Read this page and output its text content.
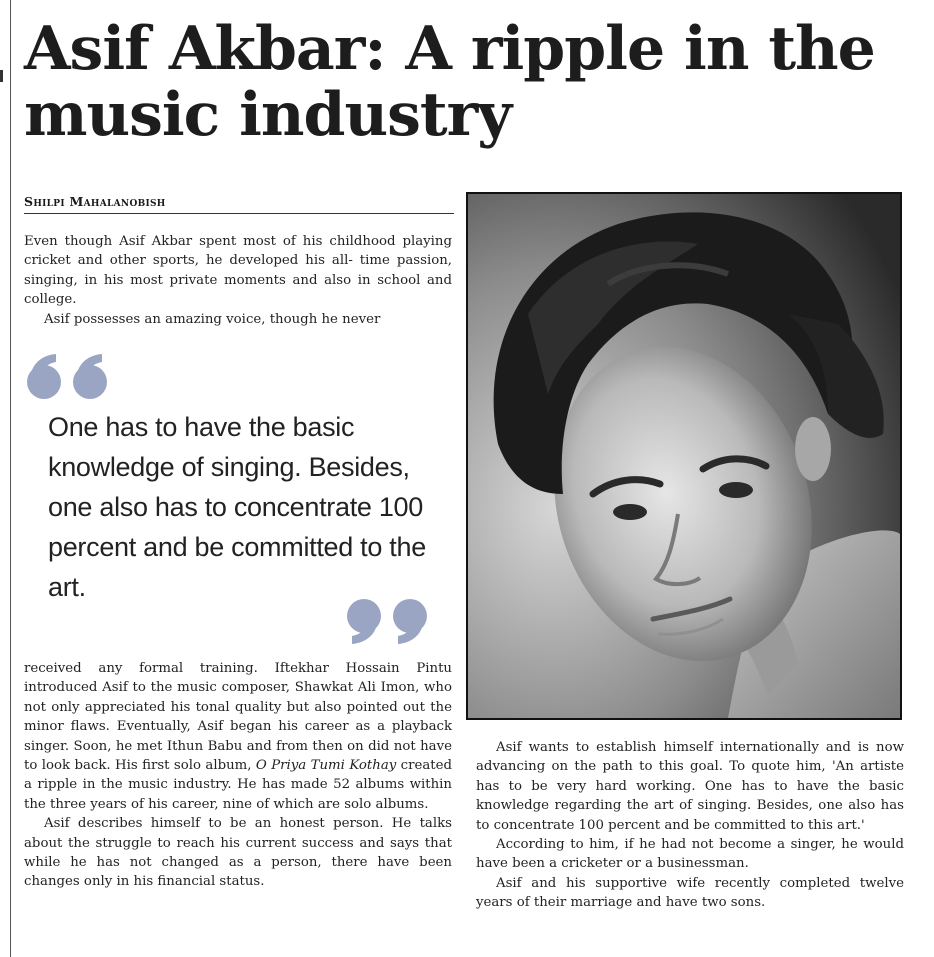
Asif Akbar: A ripple in the music industry
Shilpi Mahalanobish

Even though Asif Akbar spent most of his childhood playing cricket and other sports, he developed his all- time passion, singing, in his most private moments and also in school and college.

Asif possesses an amazing voice, though he never

One has to have the basic knowledge of singing. Besides, one also has to concentrate 100 percent and be committed to the art.

received any formal training. Iftekhar Hossain Pintu introduced Asif to the music composer, Shawkat Ali Imon, who not only appreciated his tonal quality but also pointed out the minor flaws. Eventually, Asif began his career as a playback singer. Soon, he met Ithun Babu and from then on did not have to look back. His first solo album, O Priya Tumi Kothay created a ripple in the music industry. He has made 52 albums within the three years of his career, nine of which are solo albums.

Asif describes himself to be an honest person. He talks about the struggle to reach his current success and says that while he has not changed as a person, there have been changes only in his financial status.

Asif wants to establish himself internationally and is now advancing on the path to this goal. To quote him, 'An artiste has to be very hard working. One has to have the basic knowledge regarding the art of singing. Besides, one also has to concentrate 100 percent and be committed to this art.'

According to him, if he had not become a singer, he would have been a cricketer or a businessman.

Asif and his supportive wife recently completed twelve years of their marriage and have two sons.
